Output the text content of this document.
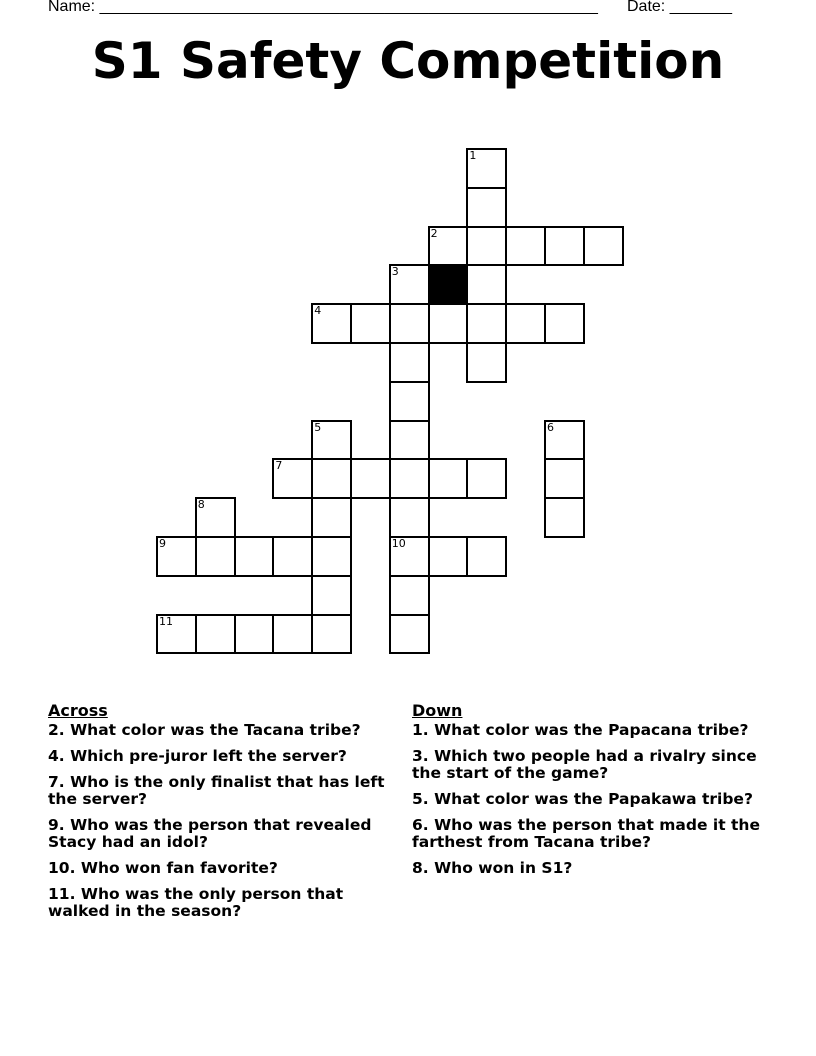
Name: ________________________________________________________ Date: _______
S1 Safety Competition
1
2
3
4
5	6
7
8
9	10
11
Across
2. What color was the Tacana tribe?
4. Which pre-juror left the server?
7. Who is the only finalist that has left the server?
9. Who was the person that revealed Stacy had an idol?
10. Who won fan favorite?
11. Who was the only person that walked in the season?
Down
1. What color was the Papacana tribe?
3. Which two people had a rivalry since the start of the game?
5. What color was the Papakawa tribe?
6. Who was the person that made it the farthest from Tacana tribe?
8. Who won in S1?
